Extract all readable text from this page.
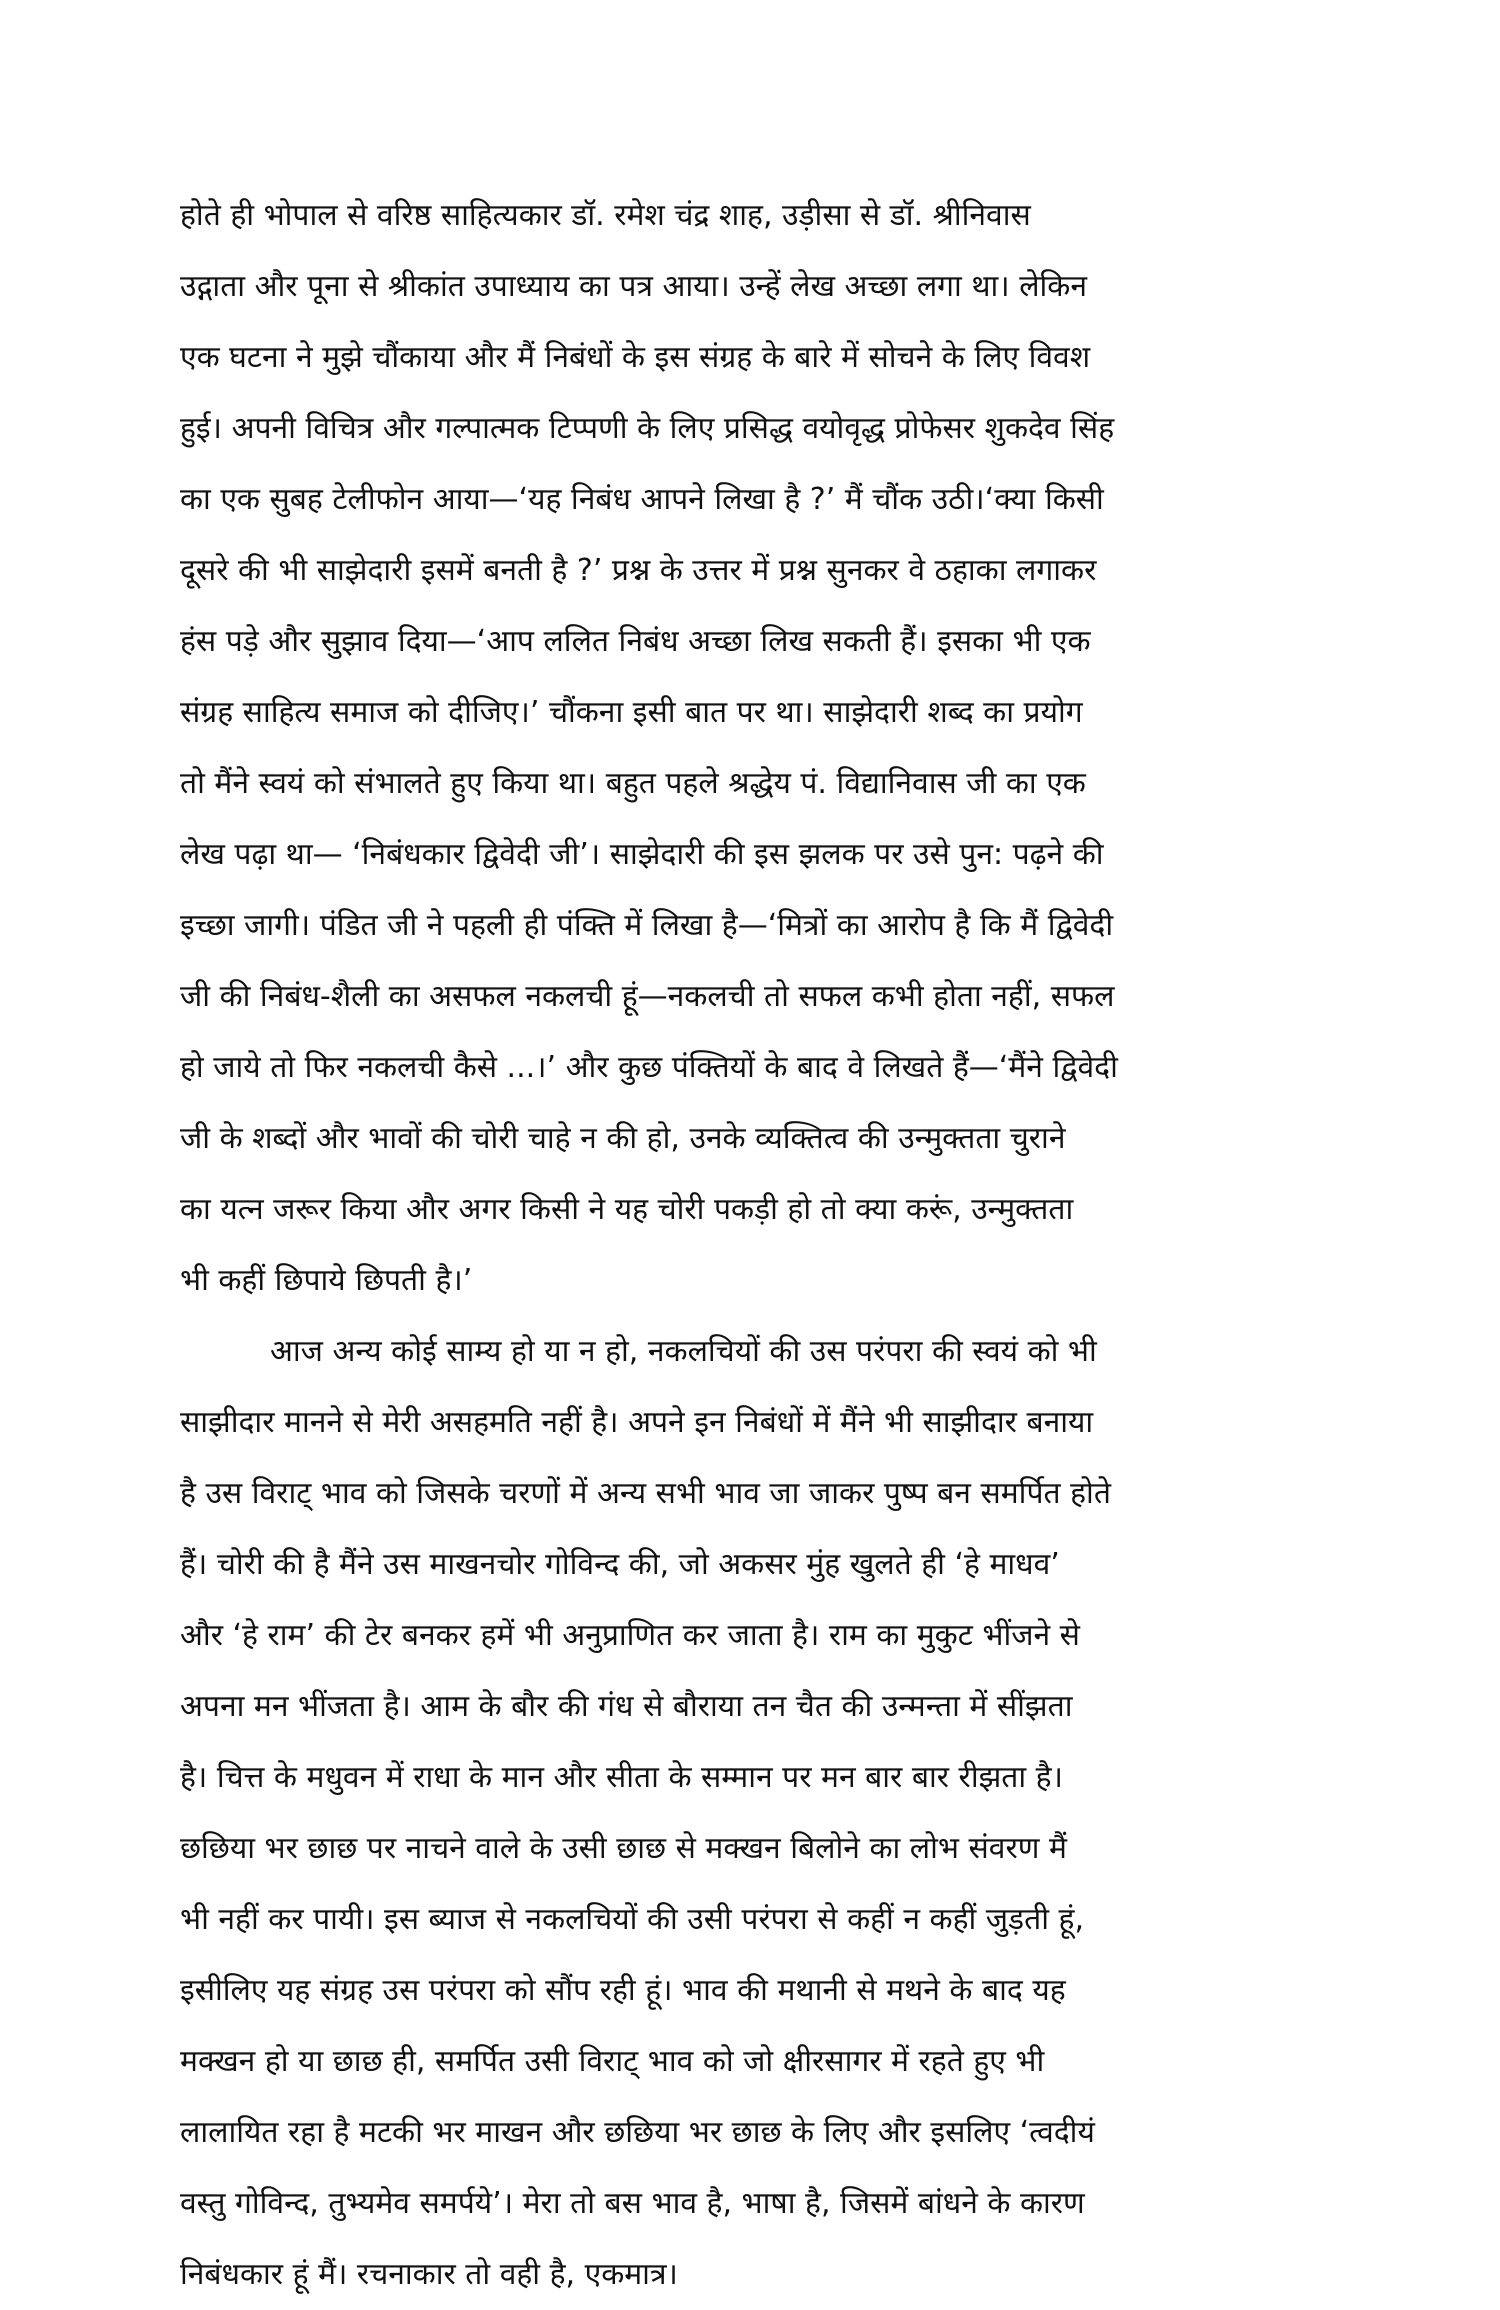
होते ही भोपाल से वरिष्ठ साहित्यकार डॉ. रमेश चंद्र शाह, उड़ीसा से डॉ. श्रीनिवास
उद्गाता और पूना से श्रीकांत उपाध्याय का पत्र आया। उन्हें लेख अच्छा लगा था। लेकिन
एक घटना ने मुझे चौंकाया और मैं निबंधों के इस संग्रह के बारे में सोचने के लिए विवश
हुई। अपनी विचित्र और गल्पात्मक टिप्पणी के लिए प्रसिद्ध वयोवृद्ध प्रोफेसर शुकदेव सिंह
का एक सुबह टेलीफोन आया—‘यह निबंध आपने लिखा है ?’ मैं चौंक उठी।‘क्या किसी
दूसरे की भी साझेदारी इसमें बनती है ?’ प्रश्न के उत्तर में प्रश्न सुनकर वे ठहाका लगाकर
हंस पड़े और सुझाव दिया—‘आप ललित निबंध अच्छा लिख सकती हैं। इसका भी एक
संग्रह साहित्य समाज को दीजिए।’ चौंकना इसी बात पर था। साझेदारी शब्द का प्रयोग
तो मैंने स्वयं को संभालते हुए किया था। बहुत पहले श्रद्धेय पं. विद्यानिवास जी का एक
लेख पढ़ा था— ‘निबंधकार द्विवेदी जी’। साझेदारी की इस झलक पर उसे पुन: पढ़ने की
इच्छा जागी। पंडित जी ने पहली ही पंक्ति में लिखा है—‘मित्रों का आरोप है कि मैं द्विवेदी
जी की निबंध-शैली का असफल नकलची हूं—नकलची तो सफल कभी होता नहीं, सफल
हो जाये तो फिर नकलची कैसे ...।’ और कुछ पंक्तियों के बाद वे लिखते हैं—‘मैंने द्विवेदी
जी के शब्दों और भावों की चोरी चाहे न की हो, उनके व्यक्तित्व की उन्मुक्तता चुराने
का यत्न जरूर किया और अगर किसी ने यह चोरी पकड़ी हो तो क्या करूं, उन्मुक्तता
भी कहीं छिपाये छिपती है।’
आज अन्य कोई साम्य हो या न हो, नकलचियों की उस परंपरा की स्वयं को भी
साझीदार मानने से मेरी असहमति नहीं है। अपने इन निबंधों में मैंने भी साझीदार बनाया
है उस विराट् भाव को जिसके चरणों में अन्य सभी भाव जा जाकर पुष्प बन समर्पित होते
हैं। चोरी की है मैंने उस माखनचोर गोविन्द की, जो अकसर मुंह खुलते ही ‘हे माधव’
और ‘हे राम’ की टेर बनकर हमें भी अनुप्राणित कर जाता है। राम का मुकुट भींजने से
अपना मन भींजता है। आम के बौर की गंध से बौराया तन चैत की उन्मन्ता में सींझता
है। चित्त के मधुवन में राधा के मान और सीता के सम्मान पर मन बार बार रीझता है।
छछिया भर छाछ पर नाचने वाले के उसी छाछ से मक्खन बिलोने का लोभ संवरण मैं
भी नहीं कर पायी। इस ब्याज से नकलचियों की उसी परंपरा से कहीं न कहीं जुड़ती हूं,
इसीलिए यह संग्रह उस परंपरा को सौंप रही हूं। भाव की मथानी से मथने के बाद यह
मक्खन हो या छाछ ही, समर्पित उसी विराट् भाव को जो क्षीरसागर में रहते हुए भी
लालायित रहा है मटकी भर माखन और छछिया भर छाछ के लिए और इसलिए ‘त्वदीयं
वस्तु गोविन्द, तुभ्यमेव समर्पये’। मेरा तो बस भाव है, भाषा है, जिसमें बांधने के कारण
निबंधकार हूं मैं। रचनाकार तो वही है, एकमात्र।
